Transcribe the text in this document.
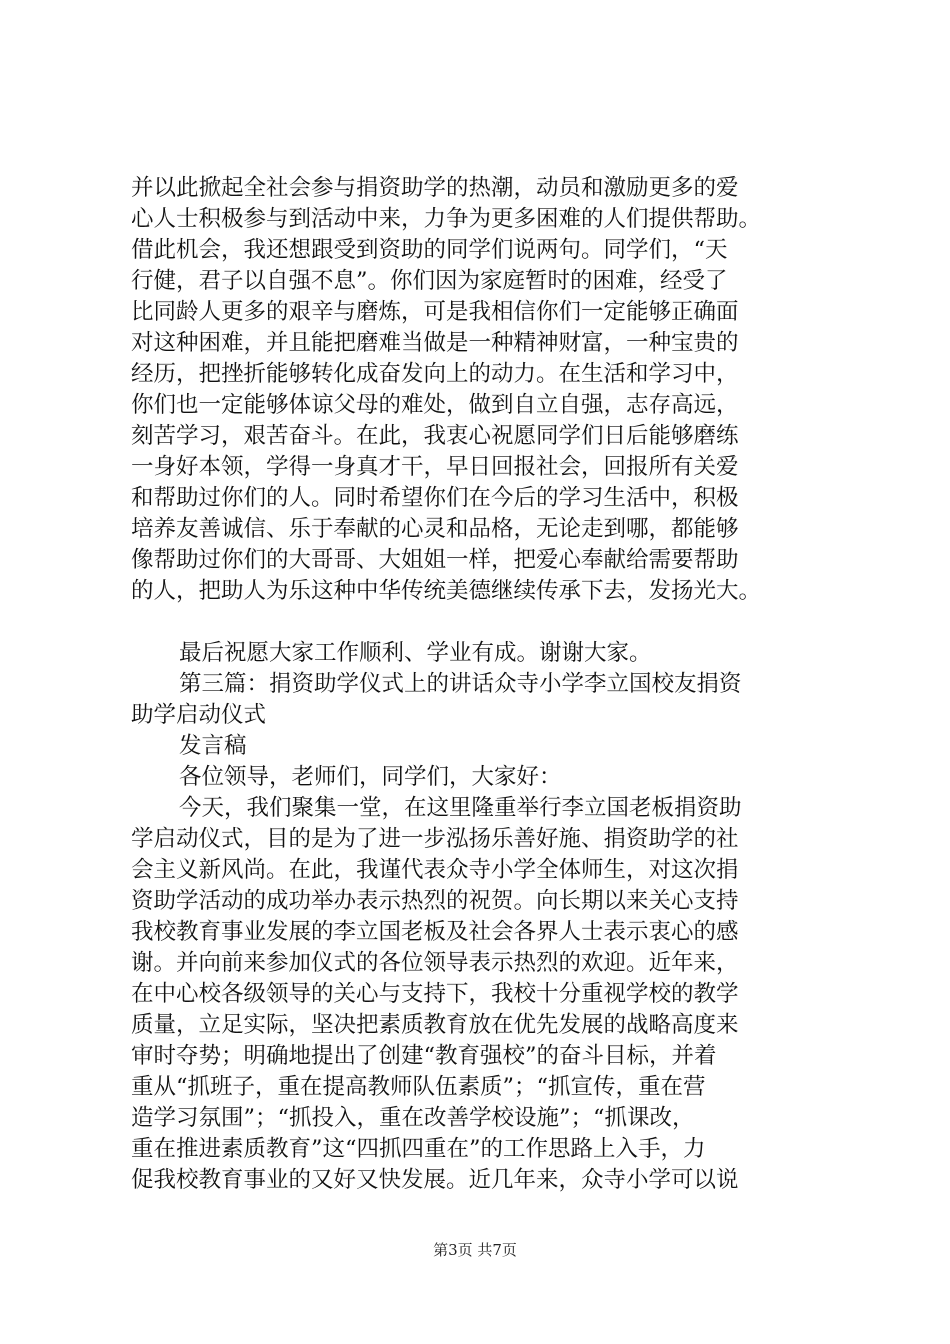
并以此掀起全社会参与捐资助学的热潮，动员和激励更多的爱
心人士积极参与到活动中来，力争为更多困难的人们提供帮助。
借此机会，我还想跟受到资助的同学们说两句。同学们，“天
行健，君子以自强不息”。你们因为家庭暂时的困难，经受了
比同龄人更多的艰辛与磨炼，可是我相信你们一定能够正确面
对这种困难，并且能把磨难当做是一种精神财富，一种宝贵的
经历，把挫折能够转化成奋发向上的动力。在生活和学习中，
你们也一定能够体谅父母的难处，做到自立自强，志存高远，
刻苦学习，艰苦奋斗。在此，我衷心祝愿同学们日后能够磨练
一身好本领，学得一身真才干，早日回报社会，回报所有关爱
和帮助过你们的人。同时希望你们在今后的学习生活中，积极
培养友善诚信、乐于奉献的心灵和品格，无论走到哪，都能够
像帮助过你们的大哥哥、大姐姐一样，把爱心奉献给需要帮助
的人，把助人为乐这种中华传统美德继续传承下去，发扬光大。
最后祝愿大家工作顺利、学业有成。谢谢大家。
第三篇：捐资助学仪式上的讲话众寺小学李立国校友捐资
助学启动仪式
发言稿
各位领导，老师们，同学们，大家好：
今天，我们聚集一堂，在这里隆重举行李立国老板捐资助
学启动仪式，目的是为了进一步泓扬乐善好施、捐资助学的社
会主义新风尚。在此，我谨代表众寺小学全体师生，对这次捐
资助学活动的成功举办表示热烈的祝贺。向长期以来关心支持
我校教育事业发展的李立国老板及社会各界人士表示衷心的感
谢。并向前来参加仪式的各位领导表示热烈的欢迎。近年来，
在中心校各级领导的关心与支持下，我校十分重视学校的教学
质量，立足实际，坚决把素质教育放在优先发展的战略高度来
审时夺势；明确地提出了创建“教育强校”的奋斗目标，并着
重从“抓班子，重在提高教师队伍素质”；“抓宣传，重在营
造学习氛围”；“抓投入，重在改善学校设施”；“抓课改，
重在推进素质教育”这“四抓四重在”的工作思路上入手，力
促我校教育事业的又好又快发展。近几年来，众寺小学可以说
第3页 共7页
